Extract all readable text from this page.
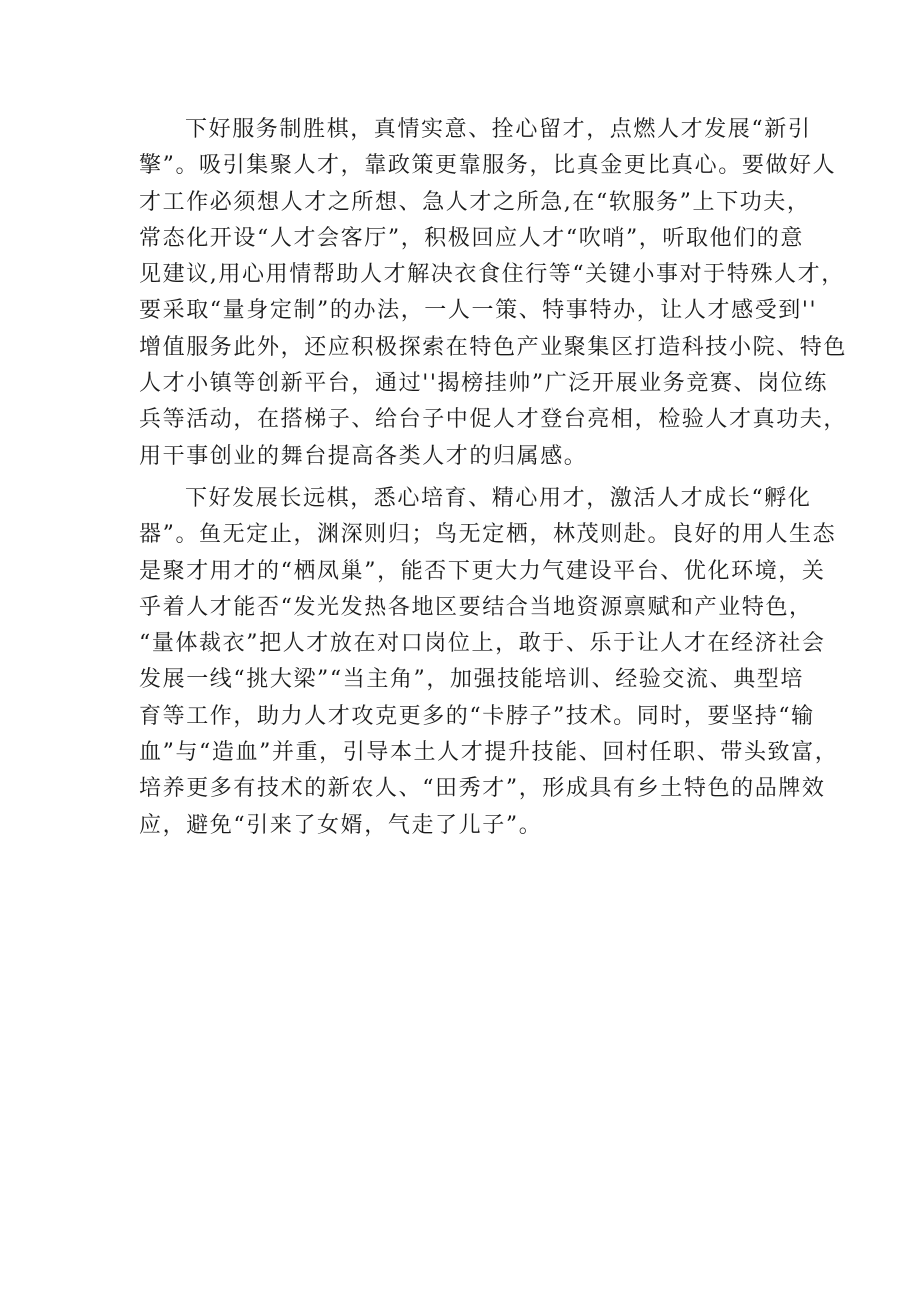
下好服务制胜棋，真情实意、拴心留才，点燃人才发展“新引
擎”。吸引集聚人才，靠政策更靠服务，比真金更比真心。要做好人
才工作必须想人才之所想、急人才之所急,在“软服务”上下功夫，
常态化开设“人才会客厅”，积极回应人才“吹哨”，听取他们的意
见建议,用心用情帮助人才解决衣食住行等“关键小事对于特殊人才，
要采取“量身定制”的办法，一人一策、特事特办，让人才感受到''
增值服务此外，还应积极探索在特色产业聚集区打造科技小院、特色
人才小镇等创新平台，通过''揭榜挂帅”广泛开展业务竞赛、岗位练
兵等活动，在搭梯子、给台子中促人才登台亮相，检验人才真功夫，
用干事创业的舞台提高各类人才的归属感。
下好发展长远棋，悉心培育、精心用才，激活人才成长“孵化
器”。鱼无定止，渊深则归；鸟无定栖，林茂则赴。良好的用人生态
是聚才用才的“栖凤巢”，能否下更大力气建设平台、优化环境，关
乎着人才能否“发光发热各地区要结合当地资源禀赋和产业特色，
“量体裁衣”把人才放在对口岗位上，敢于、乐于让人才在经济社会
发展一线“挑大梁”“当主角”，加强技能培训、经验交流、典型培
育等工作，助力人才攻克更多的“卡脖子”技术。同时，要坚持“输
血”与“造血”并重，引导本土人才提升技能、回村任职、带头致富，
培养更多有技术的新农人、“田秀才”，形成具有乡土特色的品牌效
应，避免“引来了女婿，气走了儿子”。
